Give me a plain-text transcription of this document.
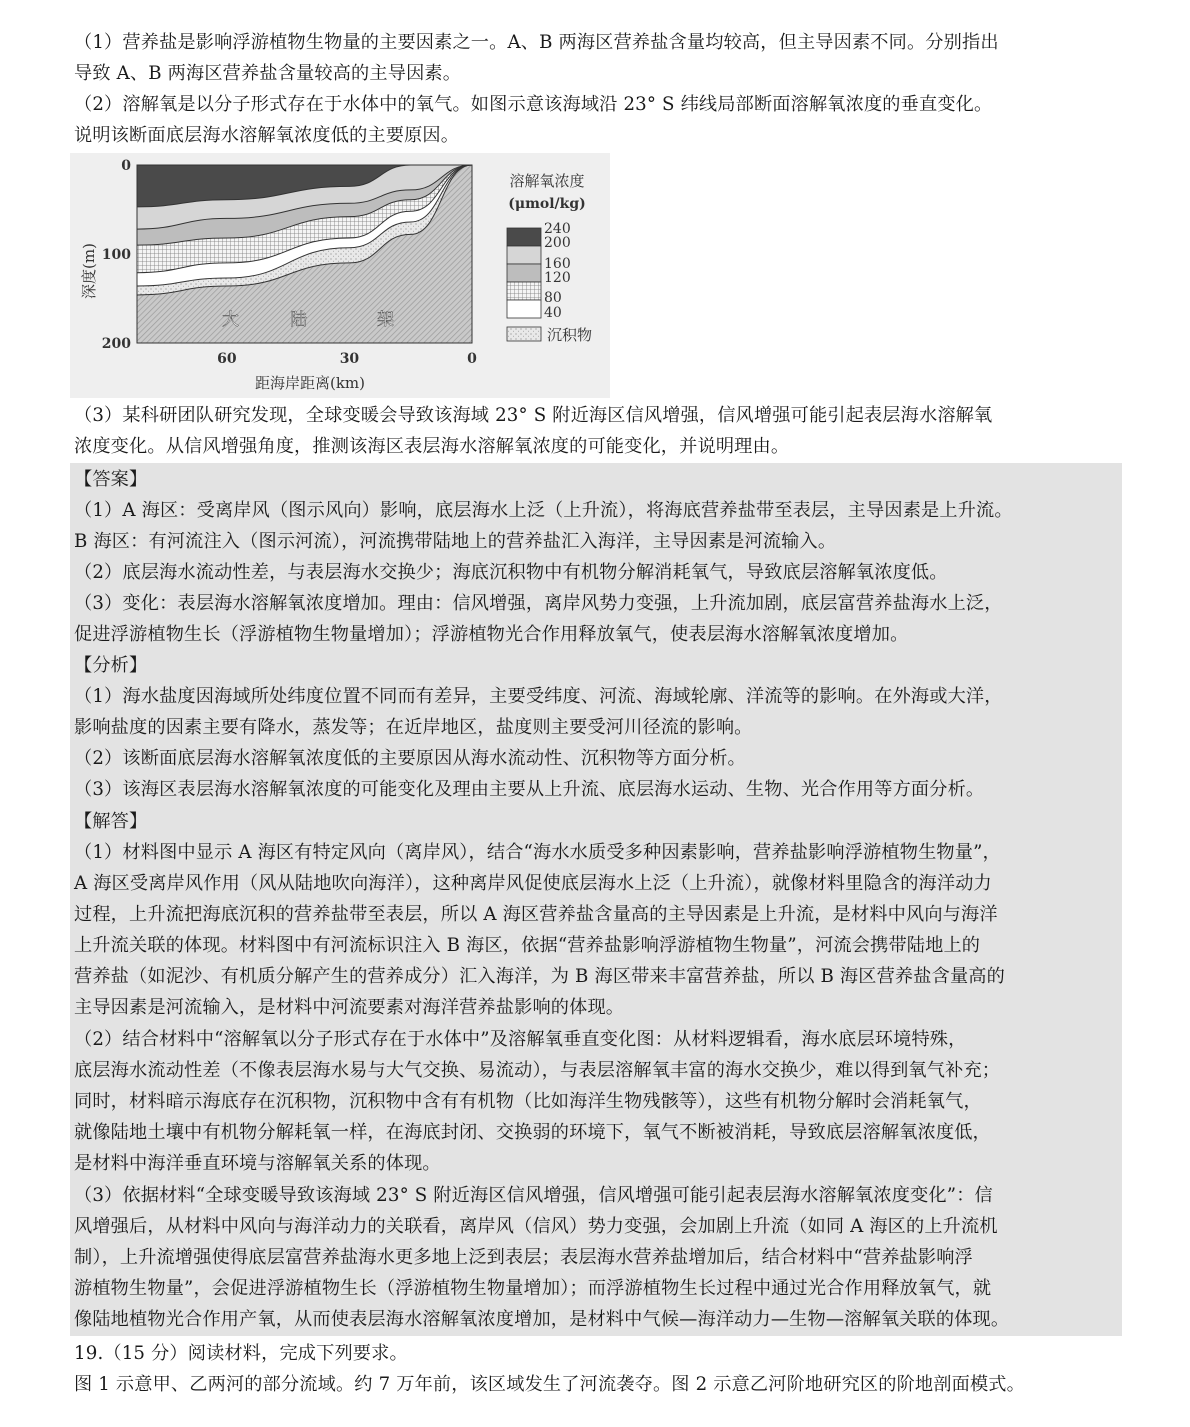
（1）营养盐是影响浮游植物生物量的主要因素之一。A、B 两海区营养盐含量均较高，但主导因素不同。分别指出
导致 A、B 两海区营养盐含量较高的主导因素。
（2）溶解氧是以分子形式存在于水体中的氧气。如图示意该海域沿 23° S 纬线局部断面溶解氧浓度的垂直变化。
说明该断面底层海水溶解氧浓度低的主要原因。
60	30	0
0
100
200
深度(m)
距海岸距离(km)
大	陆	架
溶解氧浓度
(μmol/kg)
240
200
160
120
80
40
沉积物
（3）某科研团队研究发现，全球变暖会导致该海域 23° S 附近海区信风增强，信风增强可能引起表层海水溶解氧
浓度变化。从信风增强角度，推测该海区表层海水溶解氧浓度的可能变化，并说明理由。
【答案】
（1）A 海区：受离岸风（图示风向）影响，底层海水上泛（上升流），将海底营养盐带至表层，主导因素是上升流。
B 海区：有河流注入（图示河流），河流携带陆地上的营养盐汇入海洋，主导因素是河流输入。
（2）底层海水流动性差，与表层海水交换少；海底沉积物中有机物分解消耗氧气，导致底层溶解氧浓度低。
（3）变化：表层海水溶解氧浓度增加。理由：信风增强，离岸风势力变强，上升流加剧，底层富营养盐海水上泛，
促进浮游植物生长（浮游植物生物量增加）；浮游植物光合作用释放氧气，使表层海水溶解氧浓度增加。
【分析】
（1）海水盐度因海域所处纬度位置不同而有差异，主要受纬度、河流、海域轮廓、洋流等的影响。在外海或大洋，
影响盐度的因素主要有降水，蒸发等；在近岸地区，盐度则主要受河川径流的影响。
（2）该断面底层海水溶解氧浓度低的主要原因从海水流动性、沉积物等方面分析。
（3）该海区表层海水溶解氧浓度的可能变化及理由主要从上升流、底层海水运动、生物、光合作用等方面分析。
【解答】
（1）材料图中显示 A 海区有特定风向（离岸风），结合“海水水质受多种因素影响，营养盐影响浮游植物生物量”，
A 海区受离岸风作用（风从陆地吹向海洋），这种离岸风促使底层海水上泛（上升流），就像材料里隐含的海洋动力
过程，上升流把海底沉积的营养盐带至表层，所以 A 海区营养盐含量高的主导因素是上升流，是材料中风向与海洋
上升流关联的体现。材料图中有河流标识注入 B 海区，依据“营养盐影响浮游植物生物量”，河流会携带陆地上的
营养盐（如泥沙、有机质分解产生的营养成分）汇入海洋，为 B 海区带来丰富营养盐，所以 B 海区营养盐含量高的
主导因素是河流输入，是材料中河流要素对海洋营养盐影响的体现。
（2）结合材料中“溶解氧以分子形式存在于水体中”及溶解氧垂直变化图：从材料逻辑看，海水底层环境特殊，
底层海水流动性差（不像表层海水易与大气交换、易流动），与表层溶解氧丰富的海水交换少，难以得到氧气补充；
同时，材料暗示海底存在沉积物，沉积物中含有有机物（比如海洋生物残骸等），这些有机物分解时会消耗氧气，
就像陆地土壤中有机物分解耗氧一样，在海底封闭、交换弱的环境下，氧气不断被消耗，导致底层溶解氧浓度低，
是材料中海洋垂直环境与溶解氧关系的体现。
（3）依据材料“全球变暖导致该海域 23° S 附近海区信风增强，信风增强可能引起表层海水溶解氧浓度变化”：信
风增强后，从材料中风向与海洋动力的关联看，离岸风（信风）势力变强，会加剧上升流（如同 A 海区的上升流机
制），上升流增强使得底层富营养盐海水更多地上泛到表层；表层海水营养盐增加后，结合材料中“营养盐影响浮
游植物生物量”，会促进浮游植物生长（浮游植物生物量增加）；而浮游植物生长过程中通过光合作用释放氧气，就
像陆地植物光合作用产氧，从而使表层海水溶解氧浓度增加，是材料中气候—海洋动力—生物—溶解氧关联的体现。
19.（15 分）阅读材料，完成下列要求。
图 1 示意甲、乙两河的部分流域。约 7 万年前，该区域发生了河流袭夺。图 2 示意乙河阶地研究区的阶地剖面模式。
